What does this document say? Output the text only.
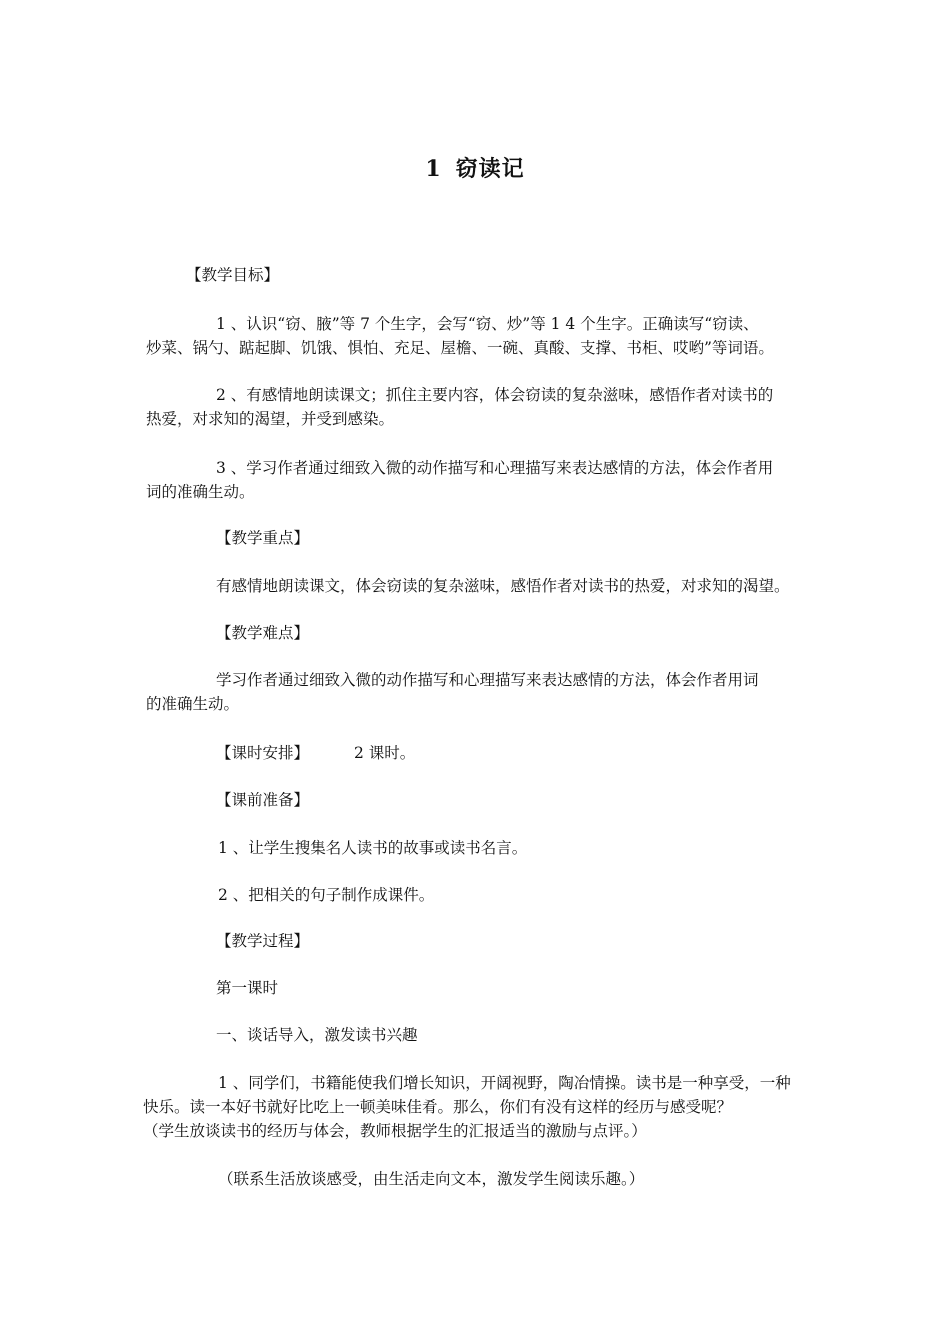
1 窃读记
【教学目标】
1 、认识“窃、腋”等 7 个生字，会写“窃、炒”等 1 4 个生字。正确读写“窃读、
炒菜、锅勺、踮起脚、饥饿、惧怕、充足、屋檐、一碗、真酸、支撑、书柜、哎哟”等词语。
2 、有感情地朗读课文；抓住主要内容，体会窃读的复杂滋味，感悟作者对读书的
热爱，对求知的渴望，并受到感染。
3 、学习作者通过细致入微的动作描写和心理描写来表达感情的方法，体会作者用
词的准确生动。
【教学重点】
有感情地朗读课文，体会窃读的复杂滋味，感悟作者对读书的热爱，对求知的渴望。
【教学难点】
学习作者通过细致入微的动作描写和心理描写来表达感情的方法，体会作者用词
的准确生动。
【课时安排】	2 课时。
【课前准备】
1 、让学生搜集名人读书的故事或读书名言。
2 、把相关的句子制作成课件。
【教学过程】
第一课时
一、谈话导入，激发读书兴趣
1 、同学们，书籍能使我们增长知识，开阔视野，陶冶情操。读书是一种享受，一种
快乐。读一本好书就好比吃上一顿美味佳肴。那么，你们有没有这样的经历与感受呢？
（学生放谈读书的经历与体会，教师根据学生的汇报适当的激励与点评。）
（联系生活放谈感受，由生活走向文本，激发学生阅读乐趣。）
